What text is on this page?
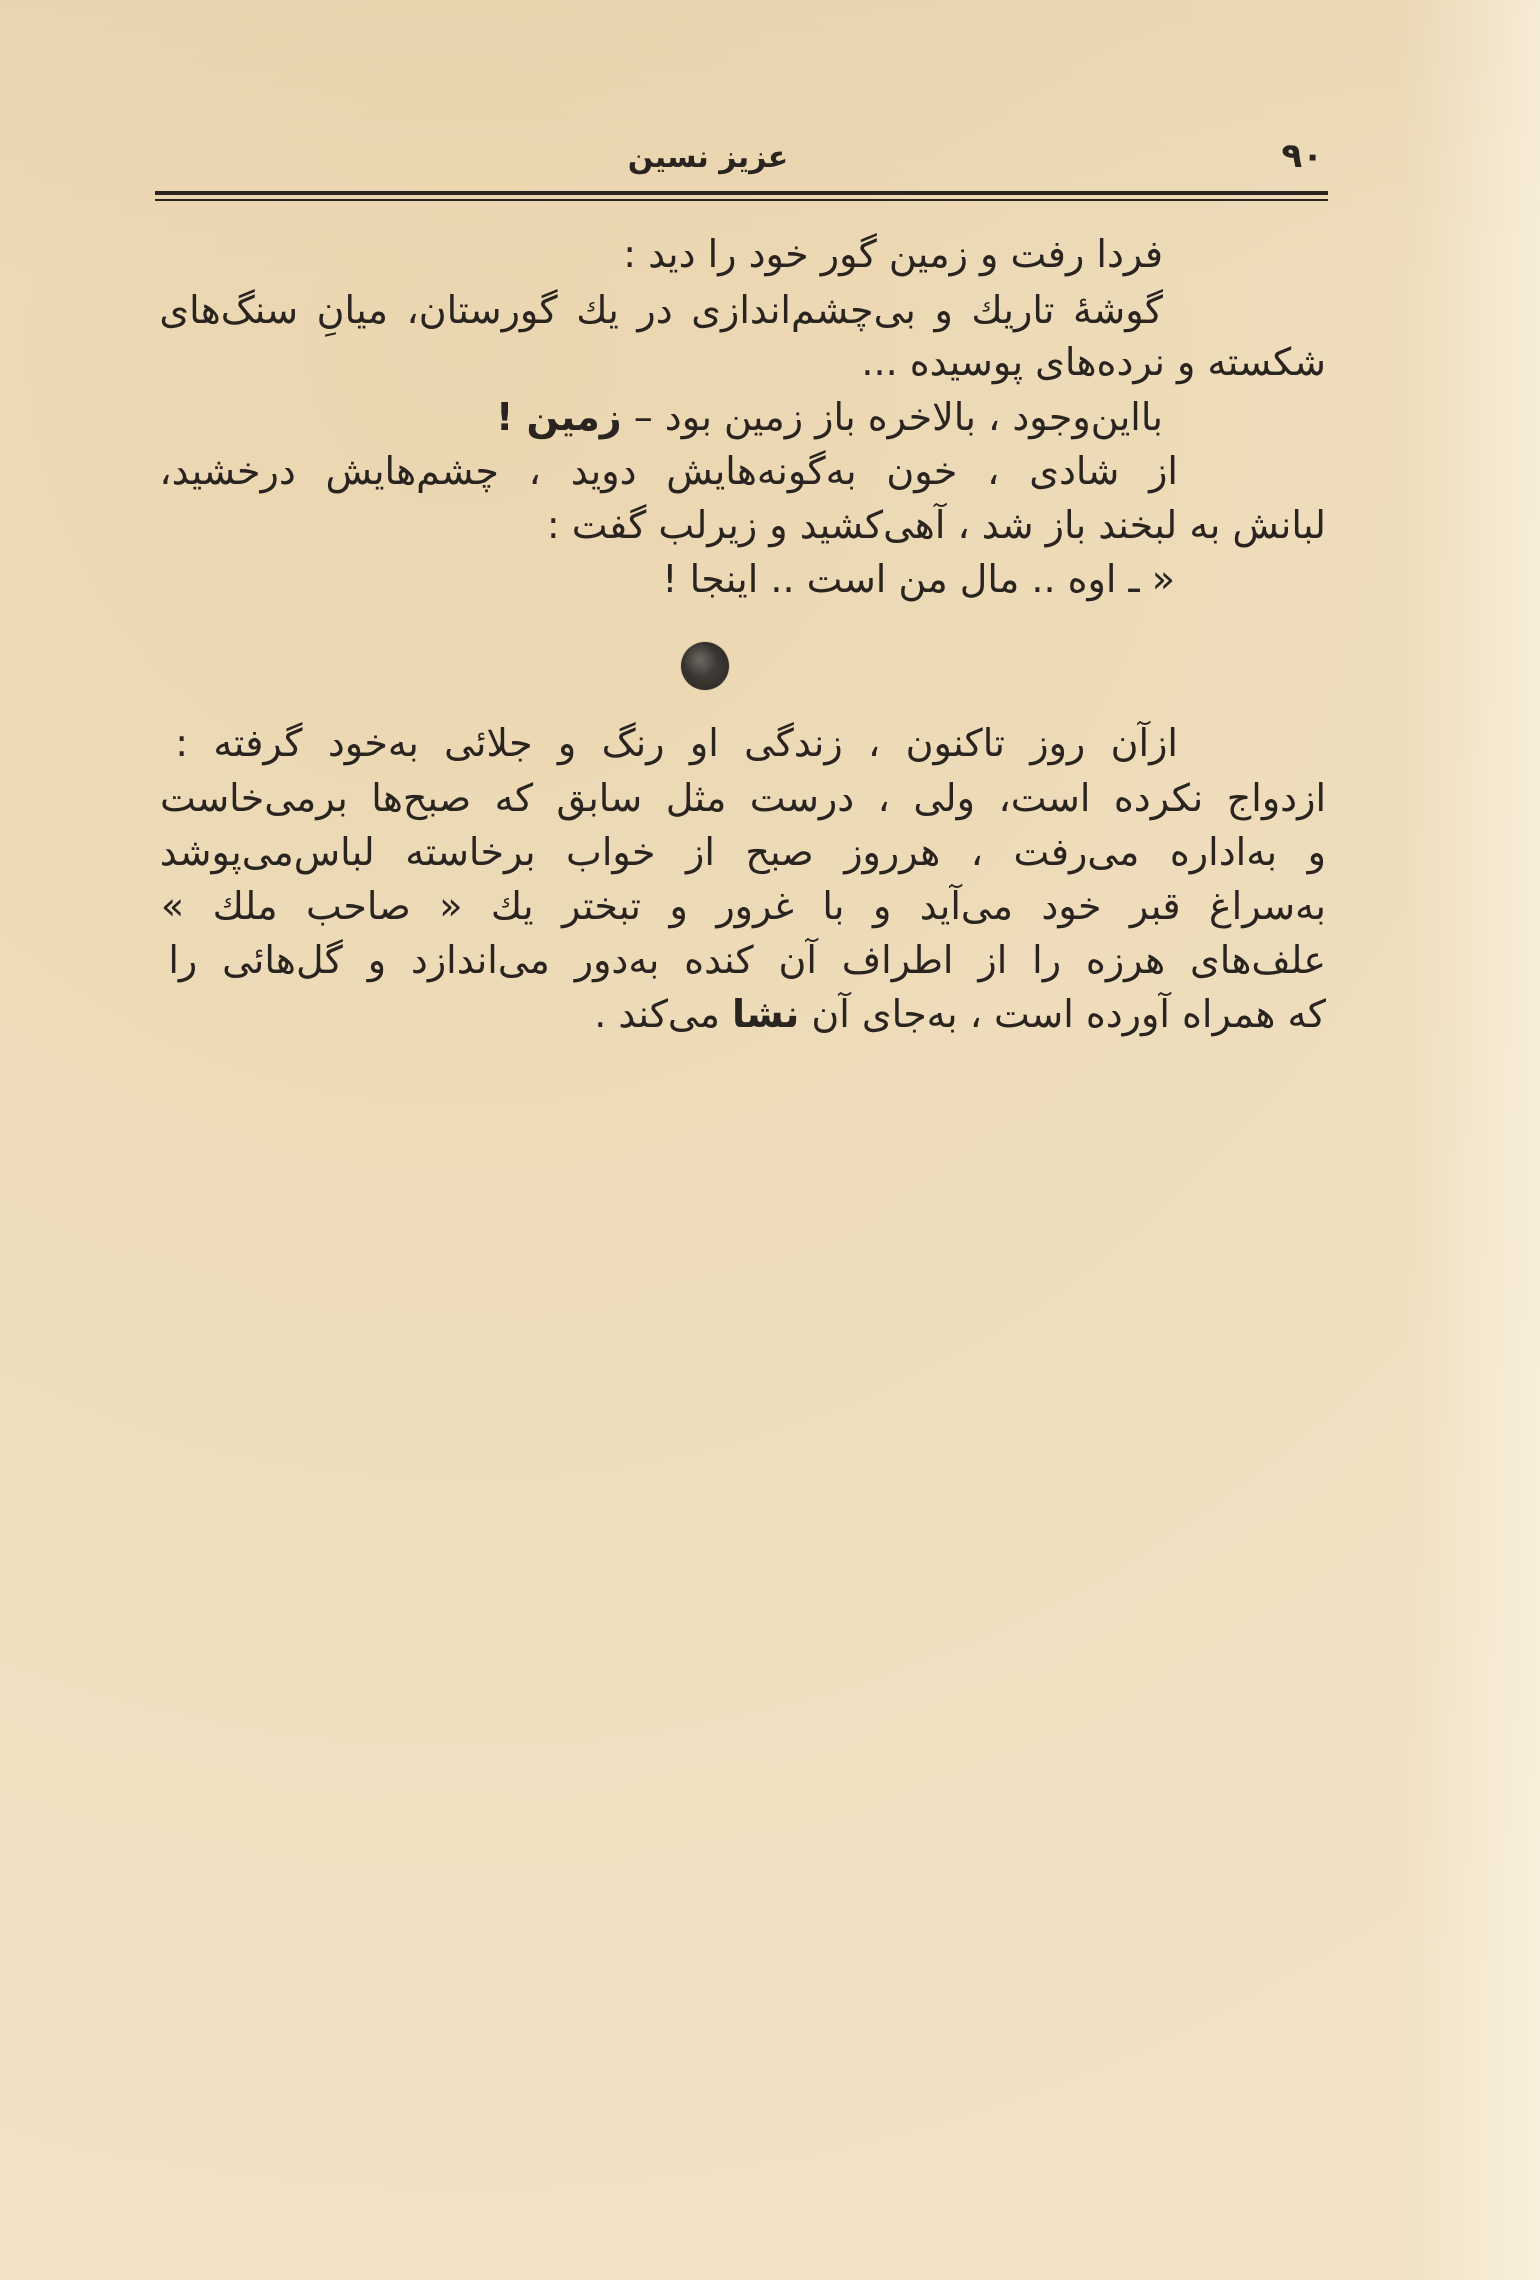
۹۰
عزیز نسین
فردا رفت و زمین گور خود را دید :
گوشهٔ تاریك و بی‌چشم‌اندازی در یك گورستان، میانِ سنگ‌های
شکسته و نرده‌های پوسیده ...
بااین‌وجود ، بالاخره باز زمین بود – زمین !
از شادی ، خون به‌گونه‌هایش دوید ، چشم‌هایش درخشید،
لبانش به لبخند باز شد ، آهی‌کشید و زیرلب گفت :
« ـ اوه .. مال من است .. اینجا !
ازآن روز تاکنون ، زندگی او رنگ و جلائی به‌خود گرفته :
ازدواج نکرده است، ولی ، درست مثل سابق که صبح‌ها برمی‌خاست
و به‌اداره می‌رفت ، هرروز صبح از خواب برخاسته لباس‌می‌پوشد
به‌سراغ قبر خود می‌آید و با غرور و تبختر یك « صاحب ملك »
علف‌های هرزه را از اطراف آن کنده به‌دور می‌اندازد و گل‌هائی را
که همراه آورده است ، به‌جای آن نشا می‌کند .
